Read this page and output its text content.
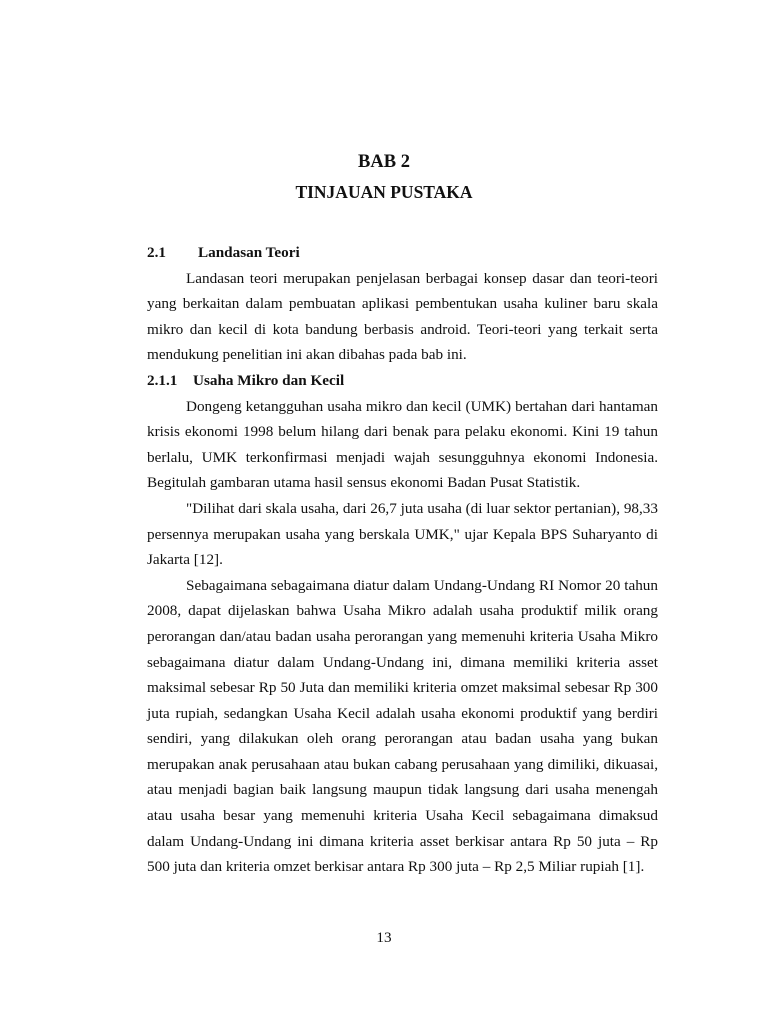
BAB 2
TINJAUAN PUSTAKA
2.1 Landasan Teori

Landasan teori merupakan penjelasan berbagai konsep dasar dan teori-teori yang berkaitan dalam pembuatan aplikasi pembentukan usaha kuliner baru skala mikro dan kecil di kota bandung berbasis android. Teori-teori yang terkait serta mendukung penelitian ini akan dibahas pada bab ini.

2.1.1 Usaha Mikro dan Kecil

Dongeng ketangguhan usaha mikro dan kecil (UMK) bertahan dari hantaman krisis ekonomi 1998 belum hilang dari benak para pelaku ekonomi. Kini 19 tahun berlalu, UMK terkonfirmasi menjadi wajah sesungguhnya ekonomi Indonesia. Begitulah gambaran utama hasil sensus ekonomi Badan Pusat Statistik.

"Dilihat dari skala usaha, dari 26,7 juta usaha (di luar sektor pertanian), 98,33 persennya merupakan usaha yang berskala UMK," ujar Kepala BPS Suharyanto di Jakarta [12].

Sebagaimana sebagaimana diatur dalam Undang-Undang RI Nomor 20 tahun 2008, dapat dijelaskan bahwa Usaha Mikro adalah usaha produktif milik orang perorangan dan/atau badan usaha perorangan yang memenuhi kriteria Usaha Mikro sebagaimana diatur dalam Undang-Undang ini, dimana memiliki kriteria asset maksimal sebesar Rp 50 Juta dan memiliki kriteria omzet maksimal sebesar Rp 300 juta rupiah, sedangkan Usaha Kecil adalah usaha ekonomi produktif yang berdiri sendiri, yang dilakukan oleh orang perorangan atau badan usaha yang bukan merupakan anak perusahaan atau bukan cabang perusahaan yang dimiliki, dikuasai, atau menjadi bagian baik langsung maupun tidak langsung dari usaha menengah atau usaha besar yang memenuhi kriteria Usaha Kecil sebagaimana dimaksud dalam Undang-Undang ini dimana kriteria asset berkisar antara Rp 50 juta – Rp 500 juta dan kriteria omzet berkisar antara Rp 300 juta – Rp 2,5 Miliar rupiah [1].

13
